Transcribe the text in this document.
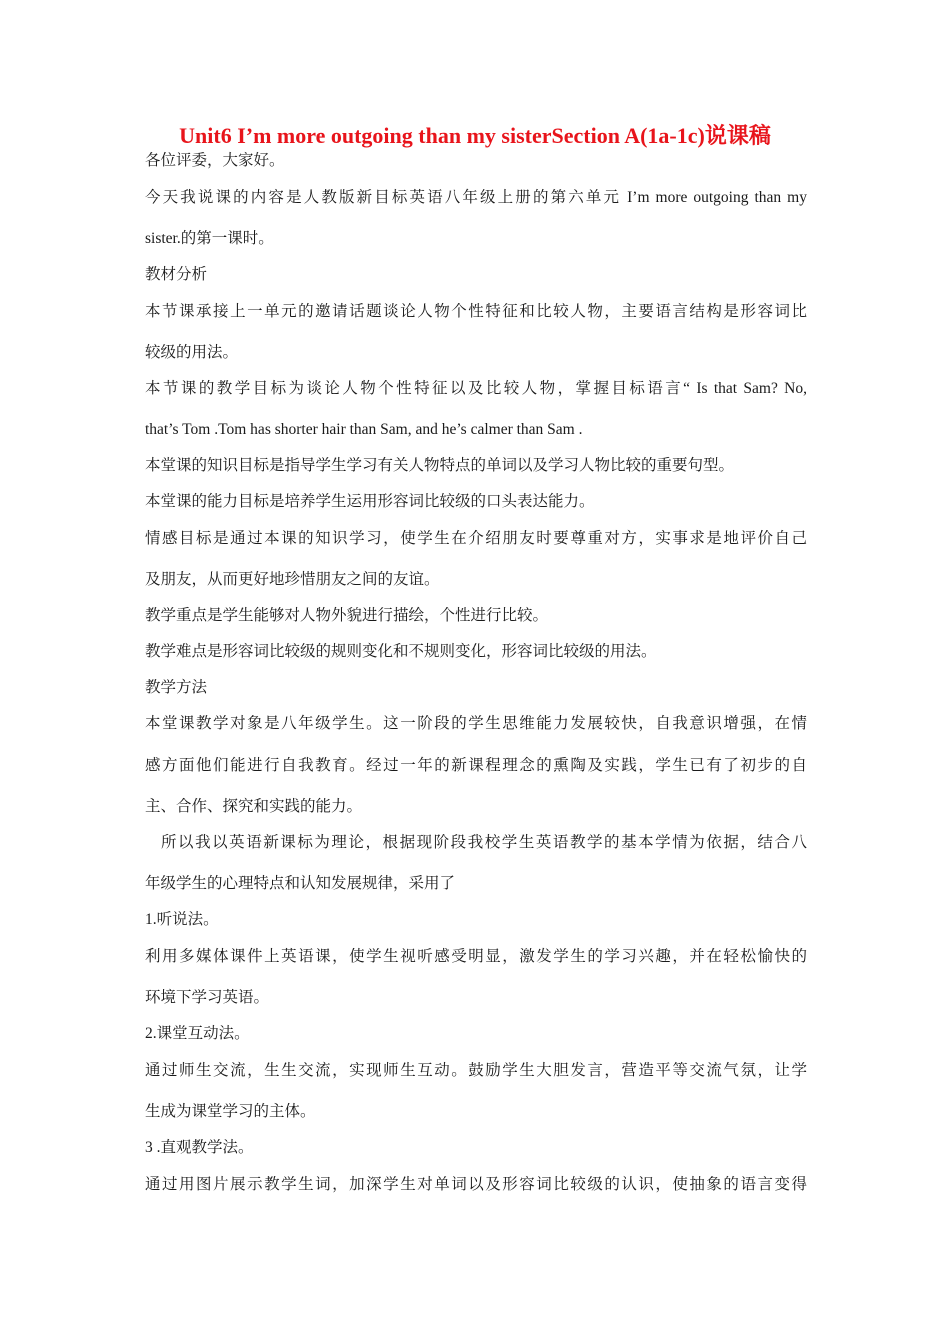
Unit6 I’m more outgoing than my sisterSection A(1a-1c)说课稿
各位评委，大家好。
今天我说课的内容是人教版新目标英语八年级上册的第六单元 I’m more outgoing than my
sister.的第一课时。
教材分析
本节课承接上一单元的邀请话题谈论人物个性特征和比较人物，主要语言结构是形容词比
较级的用法。
本节课的教学目标为谈论人物个性特征以及比较人物，掌握目标语言“ Is that Sam? No,
that’s Tom .Tom has shorter hair than Sam, and he’s calmer than Sam .
本堂课的知识目标是指导学生学习有关人物特点的单词以及学习人物比较的重要句型。
本堂课的能力目标是培养学生运用形容词比较级的口头表达能力。
情感目标是通过本课的知识学习，使学生在介绍朋友时要尊重对方，实事求是地评价自己
及朋友，从而更好地珍惜朋友之间的友谊。
教学重点是学生能够对人物外貌进行描绘，个性进行比较。
教学难点是形容词比较级的规则变化和不规则变化，形容词比较级的用法。
教学方法
本堂课教学对象是八年级学生。这一阶段的学生思维能力发展较快，自我意识增强，在情
感方面他们能进行自我教育。经过一年的新课程理念的熏陶及实践，学生已有了初步的自
主、合作、探究和实践的能力。
所以我以英语新课标为理论，根据现阶段我校学生英语教学的基本学情为依据，结合八
年级学生的心理特点和认知发展规律，采用了
1.听说法。
利用多媒体课件上英语课，使学生视听感受明显，激发学生的学习兴趣，并在轻松愉快的
环境下学习英语。
2.课堂互动法。
通过师生交流，生生交流，实现师生互动。鼓励学生大胆发言，营造平等交流气氛，让学
生成为课堂学习的主体。
3 .直观教学法。
通过用图片展示教学生词，加深学生对单词以及形容词比较级的认识，使抽象的语言变得
